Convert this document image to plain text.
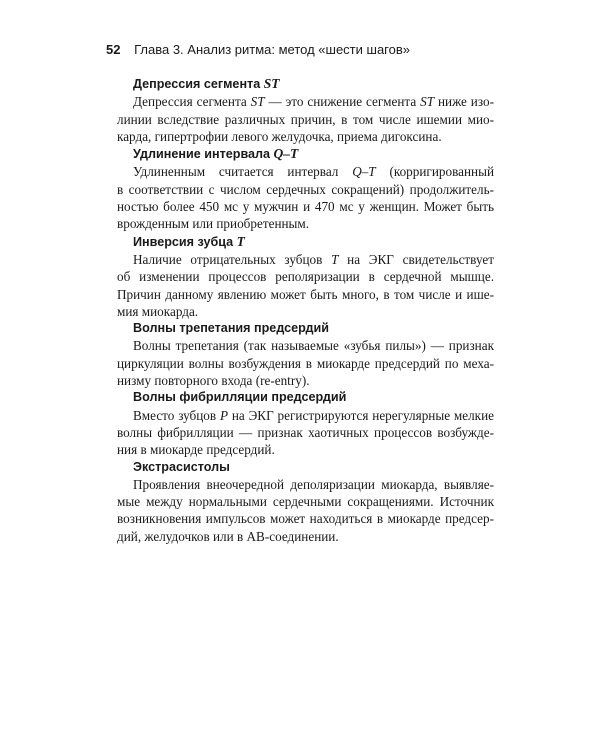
52 Глава 3. Анализ ритма: метод «шести шагов»

Депрессия сегмента ST

Депрессия сегмента ST — это снижение сегмента ST ниже изо-

линии вследствие различных причин, в том числе ишемии мио-

карда, гипертрофии левого желудочка, приема дигоксина.

Удлинение интервала Q–T

Удлиненным считается интервал Q–T (корригированный

в соответствии с числом сердечных сокращений) продолжитель-

ностью более 450 мс у мужчин и 470 мс у женщин. Может быть

врожденным или приобретенным.

Инверсия зубца T

Наличие отрицательных зубцов T на ЭКГ свидетельствует

об изменении процессов реполяризации в сердечной мышце.

Причин данному явлению может быть много, в том числе и ише-

мия миокарда.

Волны трепетания предсердий

Волны трепетания (так называемые «зубья пилы») — признак

циркуляции волны возбуждения в миокарде предсердий по меха-

низму повторного входа (re-entry).

Волны фибрилляции предсердий

Вместо зубцов P на ЭКГ регистрируются нерегулярные мелкие

волны фибрилляции — признак хаотичных процессов возбужде-

ния в миокарде предсердий.

Экстрасистолы

Проявления внеочередной деполяризации миокарда, выявляе-

мые между нормальными сердечными сокращениями. Источник

возникновения импульсов может находиться в миокарде предсер-

дий, желудочков или в АВ-соединении.
